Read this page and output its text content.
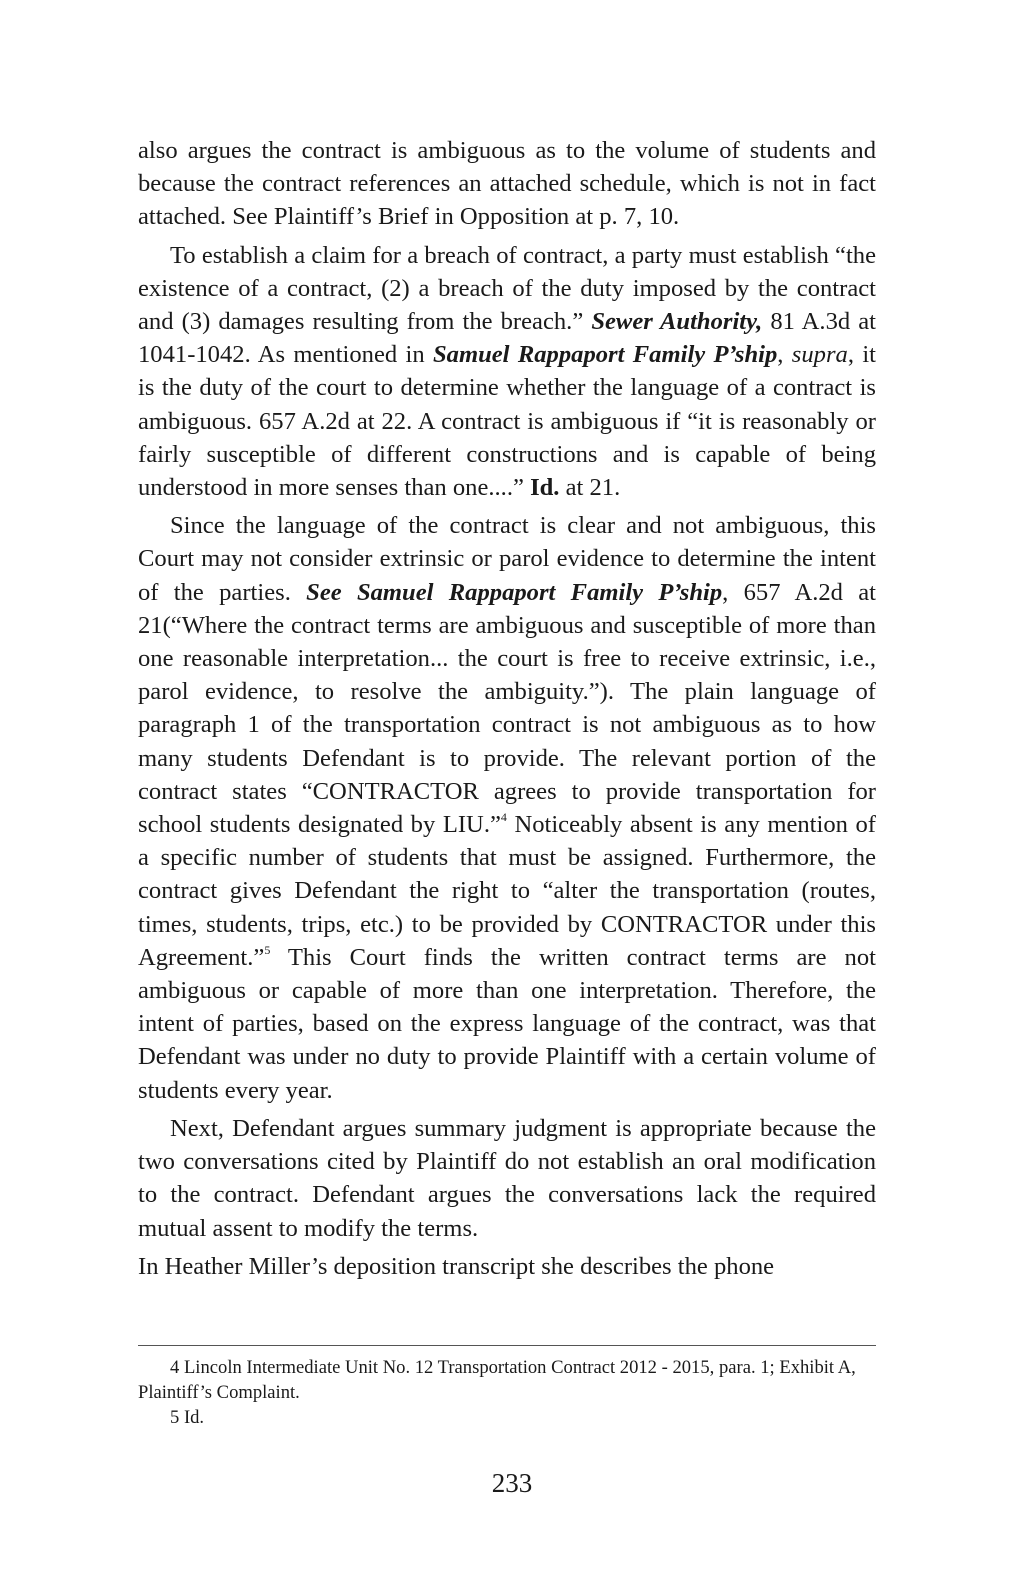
also argues the contract is ambiguous as to the volume of students and because the contract references an attached schedule, which is not in fact attached. See Plaintiff’s Brief in Opposition at p. 7, 10.

To establish a claim for a breach of contract, a party must establish “the existence of a contract, (2) a breach of the duty imposed by the contract and (3) damages resulting from the breach.” Sewer Authority, 81 A.3d at 1041-1042. As mentioned in Samuel Rappaport Family P’ship, supra, it is the duty of the court to determine whether the language of a contract is ambiguous. 657 A.2d at 22. A contract is ambiguous if “it is reasonably or fairly susceptible of different constructions and is capable of being understood in more senses than one....” Id. at 21.

Since the language of the contract is clear and not ambiguous, this Court may not consider extrinsic or parol evidence to determine the intent of the parties. See Samuel Rappaport Family P’ship, 657 A.2d at 21(“Where the contract terms are ambiguous and susceptible of more than one reasonable interpretation... the court is free to receive extrinsic, i.e., parol evidence, to resolve the ambiguity.”). The plain language of paragraph 1 of the transportation contract is not ambiguous as to how many students Defendant is to provide. The relevant portion of the contract states “CONTRACTOR agrees to provide transportation for school students designated by LIU.”$^4$ Noticeably absent is any mention of a specific number of students that must be assigned. Furthermore, the contract gives Defendant the right to “alter the transportation (routes, times, students, trips, etc.) to be provided by CONTRACTOR under this Agreement.”$^5$ This Court finds the written contract terms are not ambiguous or capable of more than one interpretation. Therefore, the intent of parties, based on the express language of the contract, was that Defendant was under no duty to provide Plaintiff with a certain volume of students every year.

Next, Defendant argues summary judgment is appropriate because the two conversations cited by Plaintiff do not establish an oral modification to the contract. Defendant argues the conversations lack the required mutual assent to modify the terms.

In Heather Miller’s deposition transcript she describes the phone

4 Lincoln Intermediate Unit No. 12 Transportation Contract 2012 - 2015, para. 1; Exhibit A, Plaintiff’s Complaint.

5 Id.

233
